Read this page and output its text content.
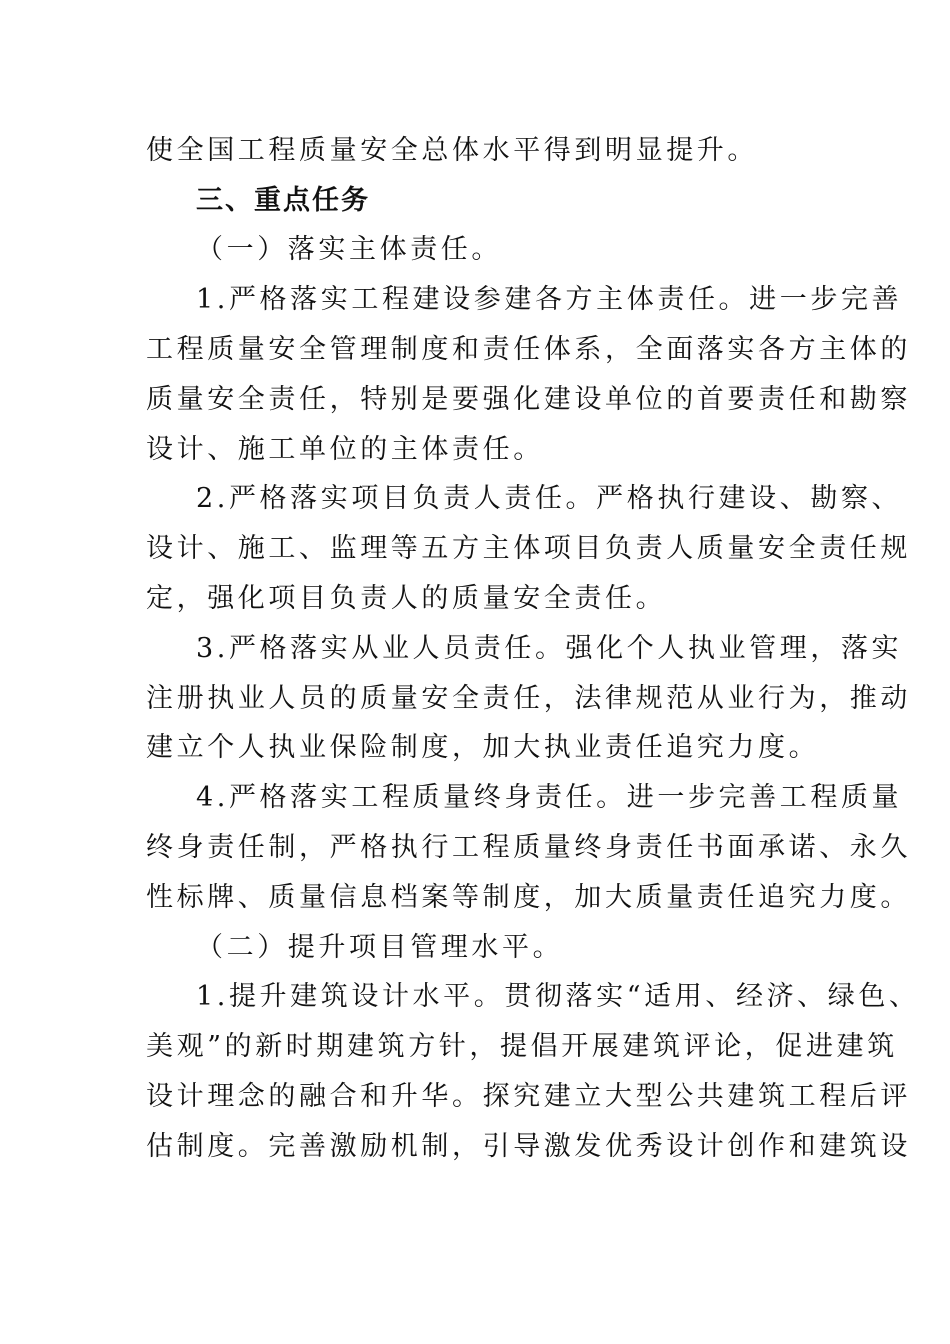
使全国工程质量安全总体水平得到明显提升。
三、重点任务
（一）落实主体责任。
1.严格落实工程建设参建各方主体责任。进一步完善
工程质量安全管理制度和责任体系，全面落实各方主体的
质量安全责任，特别是要强化建设单位的首要责任和勘察
设计、施工单位的主体责任。
2.严格落实项目负责人责任。严格执行建设、勘察、
设计、施工、监理等五方主体项目负责人质量安全责任规
定，强化项目负责人的质量安全责任。
3.严格落实从业人员责任。强化个人执业管理，落实
注册执业人员的质量安全责任，法律规范从业行为，推动
建立个人执业保险制度，加大执业责任追究力度。
4.严格落实工程质量终身责任。进一步完善工程质量
终身责任制，严格执行工程质量终身责任书面承诺、永久
性标牌、质量信息档案等制度，加大质量责任追究力度。
（二）提升项目管理水平。
1.提升建筑设计水平。贯彻落实“适用、经济、绿色、
美观”的新时期建筑方针，提倡开展建筑评论，促进建筑
设计理念的融合和升华。探究建立大型公共建筑工程后评
估制度。完善激励机制，引导激发优秀设计创作和建筑设
